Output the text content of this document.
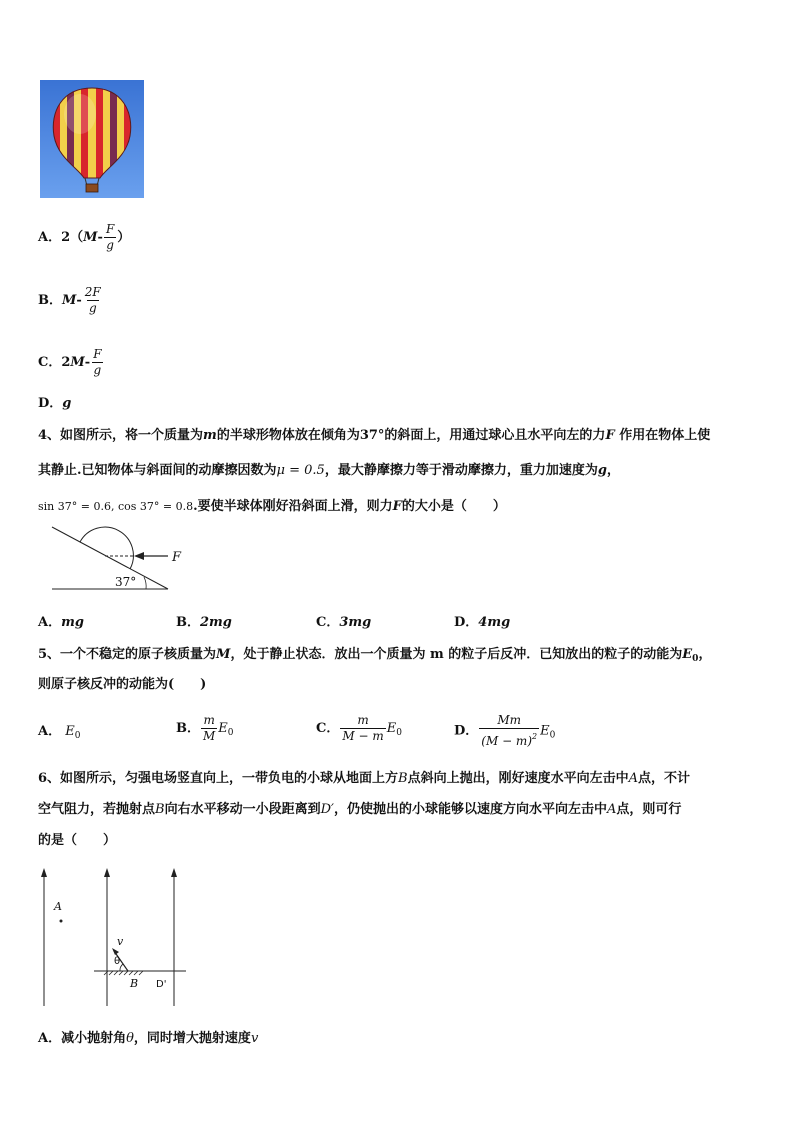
A．$2(M- \frac{F}{g}$ ）
B．$M- \frac{2F}{g}$
C．$2M- \frac{F}{g}$
D．g
4、如图所示，将一个质量为m的半球形物体放在倾角为37°的斜面上，用通过球心且水平向左的力F 作用在物体上使
其静止.已知物体与斜面间的动摩擦因数为μ = 0.5，最大静摩擦力等于滑动摩擦力，重力加速度为g，
sin 37° = 0.6, cos 37° = 0.8.要使半球体刚好沿斜面上滑，则力F的大小是（　　）
F
37°
A．mg	B．2mg	C．3mg	D．4mg
5、一个不稳定的原子核质量为M，处于静止状态．放出一个质量为 m 的粒子后反冲．已知放出的粒子的动能为$E_0$，
则原子核反冲的动能为(　　)
A． $E_0$	B． $\frac{m}{M} E_0$	C． $\frac{m}{M - m} E_0$	D． $\frac{Mm}{(M - m)^2} E_0$
6、如图所示，匀强电场竖直向上，一带负电的小球从地面上方B点斜向上抛出，刚好速度水平向左击中A点，不计
空气阻力，若抛射点B向右水平移动一小段距离到D′，仍使抛出的小球能够以速度方向水平向左击中A点，则可行
的是（　　）
A
v
θ
B D'
A．减小抛射角θ，同时增大抛射速度v
